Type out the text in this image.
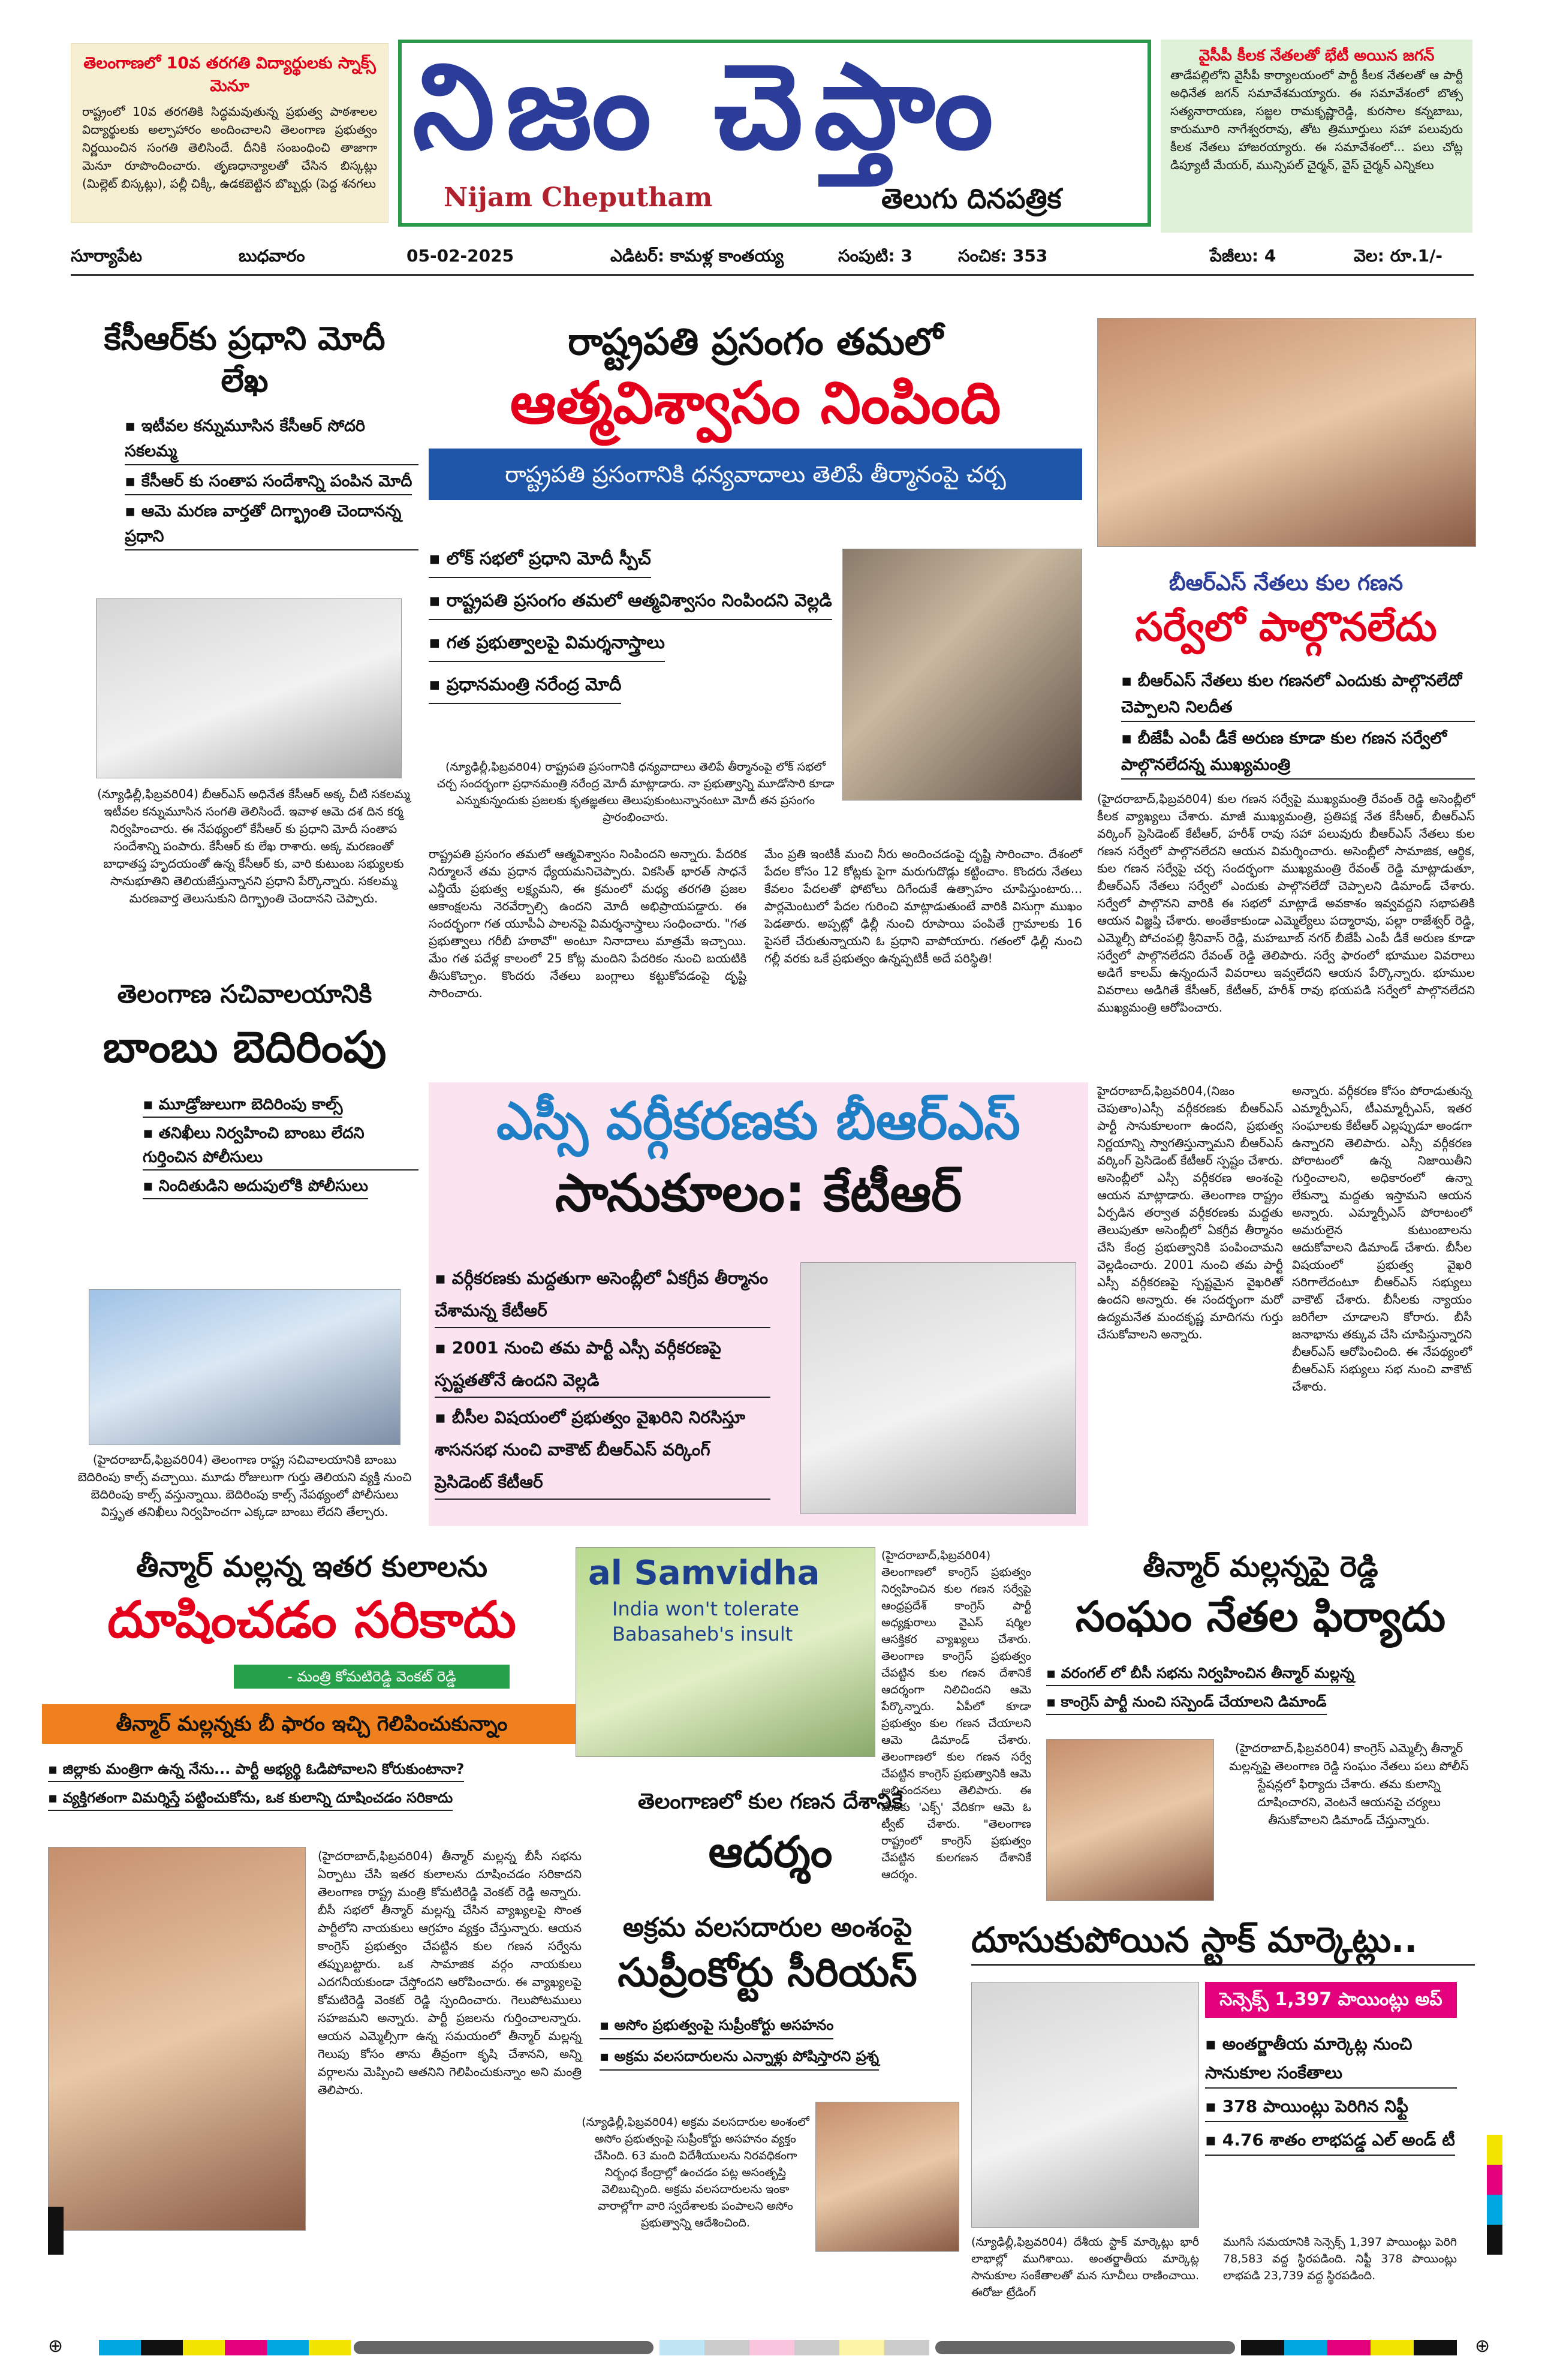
తెలంగాణలో 10వ తరగతి విద్యార్థులకు స్నాక్స్ మెనూ
రాష్ట్రంలో 10వ తరగతికి సిద్ధమవుతున్న ప్రభుత్వ పాఠశాలల విద్యార్థులకు అల్పాహారం అందించాలని తెలంగాణ ప్రభుత్వం నిర్ణయించిన సంగతి తెలిసిందే. దీనికి సంబంధించి తాజాగా మెనూ రూపొందించారు. తృణధాన్యాలతో చేసిన బిస్కట్లు (మిల్లెట్ బిస్కట్లు), పల్లీ చిక్కీ, ఉడకబెట్టిన బొబ్బర్లు (పెద్ద శనగలు
నిజం చెప్తాం
Nijam Cheputham	తెలుగు దినపత్రిక
వైసీపీ కీలక నేతలతో భేటీ అయిన జగన్
తాడేపల్లిలోని వైసీపీ కార్యాలయంలో పార్టీ కీలక నేతలతో ఆ పార్టీ అధినేత జగన్ సమావేశమయ్యారు. ఈ సమావేశంలో బొత్స సత్యనారాయణ, సజ్జల రామకృష్ణారెడ్డి, కురసాల కన్నబాబు, కారుమూరి నాగేశ్వరరావు, తోట త్రిమూర్తులు సహా పలువురు కీలక నేతలు హాజరయ్యారు. ఈ సమావేశంలో... పలు చోట్ల డిప్యూటీ మేయర్, మున్సిపల్ చైర్మన్, వైస్ చైర్మన్ ఎన్నికలు
సూర్యాపేట	బుధవారం	05-02-2025	ఎడిటర్: కామళ్ల కాంతయ్య	సంపుటి: 3	సంచిక: 353	పేజీలు: 4	వెల: రూ.1/-
కేసీఆర్‌కు ప్రధాని మోదీ లేఖ
▪ ఇటీవల కన్నుమూసిన కేసీఆర్ సోదరి సకలమ్మ ▪ కేసీఆర్ కు సంతాప సందేశాన్ని పంపిన మోదీ ▪ ఆమె మరణ వార్తతో దిగ్భ్రాంతి చెందానన్న ప్రధాని
(న్యూఢిల్లీ,ఫిబ్రవరి04) బీఆర్ఎస్ అధినేత కేసీఆర్ అక్క చీటి సకలమ్మ ఇటీవల కన్నుమూసిన సంగతి తెలిసిందే. ఇవాళ ఆమె దశ దిన కర్మ నిర్వహించారు. ఈ నేపథ్యంలో కేసీఆర్ కు ప్రధాని మోదీ సంతాప సందేశాన్ని పంపారు. కేసీఆర్ కు లేఖ రాశారు. అక్క మరణంతో బాధాతప్త హృదయంతో ఉన్న కేసీఆర్ కు, వారి కుటుంబ సభ్యులకు సానుభూతిని తెలియజేస్తున్నానని ప్రధాని పేర్కొన్నారు. సకలమ్మ మరణవార్త తెలుసుకుని దిగ్భ్రాంతి చెందానని చెప్పారు.
తెలంగాణ సచివాలయానికి
బాంబు బెదిరింపు
▪ మూడ్రోజులుగా బెదిరింపు కాల్స్ ▪ తనిఖీలు నిర్వహించి బాంబు లేదని గుర్తించిన పోలీసులు ▪ నిందితుడిని అదుపులోకి పోలీసులు
(హైదరాబాద్,ఫిబ్రవరి04) తెలంగాణ రాష్ట్ర సచివాలయానికి బాంబు బెదిరింపు కాల్స్ వచ్చాయి. మూడు రోజులుగా గుర్తు తెలియని వ్యక్తి నుంచి బెదిరింపు కాల్స్ వస్తున్నాయి. బెదిరింపు కాల్స్ నేపథ్యంలో పోలీసులు విస్తృత తనిఖీలు నిర్వహించగా ఎక్కడా బాంబు లేదని తేల్చారు.
రాష్ట్రపతి ప్రసంగం తమలో
ఆత్మవిశ్వాసం నింపింది
రాష్ట్రపతి ప్రసంగానికి ధన్యవాదాలు తెలిపే తీర్మానంపై చర్చ
▪ లోక్ సభలో ప్రధాని మోదీ స్పీచ్
▪ రాష్ట్రపతి ప్రసంగం తమలో ఆత్మవిశ్వాసం నింపిందని వెల్లడి
▪ గత ప్రభుత్వాలపై విమర్శనాస్త్రాలు
▪ ప్రధానమంత్రి నరేంద్ర మోదీ
(న్యూఢిల్లీ,ఫిబ్రవరి04) రాష్ట్రపతి ప్రసంగానికి ధన్యవాదాలు తెలిపే తీర్మానంపై లోక్ సభలో చర్చ సందర్భంగా ప్రధానమంత్రి నరేంద్ర మోదీ మాట్లాడారు. నా ప్రభుత్వాన్ని మూడోసారి కూడా ఎన్నుకున్నందుకు ప్రజలకు కృతజ్ఞతలు తెలుపుకుంటున్నానంటూ మోదీ తన ప్రసంగం ప్రారంభించారు.
రాష్ట్రపతి ప్రసంగం తమలో ఆత్మవిశ్వాసం నింపిందని అన్నారు. పేదరిక నిర్మూలనే తమ ప్రధాన ధ్యేయమనిచెప్పారు. వికసిత్ భారత్ సాధనే ఎన్డీయే ప్రభుత్వ లక్ష్యమని, ఈ క్రమంలో మధ్య తరగతి ప్రజల ఆకాంక్షలను నెరవేర్చాల్సి ఉందని మోదీ అభిప్రాయపడ్డారు. ఈ సందర్భంగా గత యూపీఏ పాలనపై విమర్శనాస్త్రాలు సంధించారు. "గత ప్రభుత్వాలు గరీబీ హఠావో" అంటూ నినాదాలు మాత్రమే ఇచ్చాయి. మేం గత పదేళ్ల కాలంలో 25 కోట్ల మందిని పేదరికం నుంచి బయటికి తీసుకొచ్చాం. కొందరు నేతలు బంగ్లాలు కట్టుకోవడంపై దృష్టి సారించారు.
మేం ప్రతి ఇంటికీ మంచి నీరు అందించడంపై దృష్టి సారించాం. దేశంలో పేదల కోసం 12 కోట్లకు పైగా మరుగుదొడ్లు కట్టించాం. కొందరు నేతలు కేవలం పేదలతో ఫోటోలు దిగేందుకే ఉత్సాహం చూపిస్తుంటారు... పార్లమెంటులో పేదల గురించి మాట్లాడుతుంటే వారికి విసుగ్గా ముఖం పెడతారు. అప్పట్లో ఢిల్లీ నుంచి రూపాయి పంపితే గ్రామాలకు 16 పైసలే చేరుతున్నాయని ఓ ప్రధాని వాపోయారు. గతంలో ఢిల్లీ నుంచి గల్లీ వరకు ఒకే ప్రభుత్వం ఉన్నప్పటికీ అదే పరిస్థితి!
బీఆర్ఎస్ నేతలు కుల గణన
సర్వేలో పాల్గొనలేదు
▪ బీఆర్ఎస్ నేతలు కుల గణనలో ఎందుకు పాల్గొనలేదో చెప్పాలని నిలదీత ▪ బీజేపీ ఎంపీ డీకే అరుణ కూడా కుల గణన సర్వేలో పాల్గొనలేదన్న ముఖ్యమంత్రి
(హైదరాబాద్,ఫిబ్రవరి04) కుల గణన సర్వేపై ముఖ్యమంత్రి రేవంత్ రెడ్డి అసెంబ్లీలో కీలక వ్యాఖ్యలు చేశారు. మాజీ ముఖ్యమంత్రి, ప్రతిపక్ష నేత కేసీఆర్, బీఆర్ఎస్ వర్కింగ్ ప్రెసిడెంట్ కేటీఆర్, హరీశ్ రావు సహా పలువురు బీఆర్ఎస్ నేతలు కుల గణన సర్వేలో పాల్గొనలేదని ఆయన విమర్శించారు. అసెంబ్లీలో సామాజిక, ఆర్థిక, కుల గణన సర్వేపై చర్చ సందర్భంగా ముఖ్యమంత్రి రేవంత్ రెడ్డి మాట్లాడుతూ, బీఆర్ఎస్ నేతలు సర్వేలో ఎందుకు పాల్గొనలేదో చెప్పాలని డిమాండ్ చేశారు. సర్వేలో పాల్గొనని వారికి ఈ సభలో మాట్లాడే అవకాశం ఇవ్వవద్దని సభాపతికి ఆయన విజ్ఞప్తి చేశారు. అంతేకాకుండా ఎమ్మెల్యేలు పద్మారావు, పల్లా రాజేశ్వర్ రెడ్డి, ఎమ్మెల్సీ పోచంపల్లి శ్రీనివాస్ రెడ్డి, మహబూబ్ నగర్ బీజేపీ ఎంపీ డీకే అరుణ కూడా సర్వేలో పాల్గొనలేదని రేవంత్ రెడ్డి తెలిపారు. సర్వే ఫారంలో భూముల వివరాలు అడిగే కాలమ్ ఉన్నందునే వివరాలు ఇవ్వలేదని ఆయన పేర్కొన్నారు. భూముల వివరాలు అడిగితే కేసీఆర్, కేటీఆర్, హరీశ్ రావు భయపడి సర్వేలో పాల్గొనలేదని ముఖ్యమంత్రి ఆరోపించారు.
ఎస్సీ వర్గీకరణకు బీఆర్ఎస్
సానుకూలం: కేటీఆర్
▪ వర్గీకరణకు మద్దతుగా అసెంబ్లీలో ఏకగ్రీవ తీర్మానం చేశామన్న కేటీఆర్ ▪ 2001 నుంచి తమ పార్టీ ఎస్సీ వర్గీకరణపై స్పష్టతతోనే ఉందని వెల్లడి ▪ బీసీల విషయంలో ప్రభుత్వం వైఖరిని నిరసిస్తూ శాసనసభ నుంచి వాకౌట్ బీఆర్ఎస్ వర్కింగ్ ప్రెసిడెంట్ కేటీఆర్
హైదరాబాద్,ఫిబ్రవరి04,(నిజం చెపుతాం)ఎస్సీ వర్గీకరణకు బీఆర్ఎస్ పార్టీ సానుకూలంగా ఉందని, ప్రభుత్వ నిర్ణయాన్ని స్వాగతిస్తున్నామని బీఆర్ఎస్ వర్కింగ్ ప్రెసిడెంట్ కేటీఆర్ స్పష్టం చేశారు. అసెంబ్లీలో ఎస్సీ వర్గీకరణ అంశంపై ఆయన మాట్లాడారు. తెలంగాణ రాష్ట్రం ఏర్పడిన తర్వాత వర్గీకరణకు మద్దతు తెలుపుతూ అసెంబ్లీలో ఏకగ్రీవ తీర్మానం చేసి కేంద్ర ప్రభుత్వానికి పంపించామని వెల్లడించారు. 2001 నుంచి తమ పార్టీ ఎస్సీ వర్గీకరణపై స్పష్టమైన వైఖరితో ఉందని అన్నారు. ఈ సందర్భంగా మరో ఉద్యమనేత మందకృష్ణ మాదిగను గుర్తు చేసుకోవాలని అన్నారు.
అన్నారు. వర్గీకరణ కోసం పోరాడుతున్న ఎమ్మార్పీఎస్, టీఎమ్మార్పీఎస్, ఇతర సంఘాలకు కేటీఆర్ ఎల్లప్పుడూ అండగా ఉన్నారని తెలిపారు. ఎస్సీ వర్గీకరణ పోరాటంలో ఉన్న నిజాయితీని గుర్తించాలని, అధికారంలో ఉన్నా లేకున్నా మద్దతు ఇస్తామని ఆయన అన్నారు. ఎమ్మార్పీఎస్ పోరాటంలో అమరులైన కుటుంబాలను ఆదుకోవాలని డిమాండ్ చేశారు. బీసీల విషయంలో ప్రభుత్వ వైఖరి సరిగాలేదంటూ బీఆర్ఎస్ సభ్యులు వాకౌట్ చేశారు. బీసీలకు న్యాయం జరిగేలా చూడాలని కోరారు. బీసీ జనాభాను తక్కువ చేసి చూపిస్తున్నారని బీఆర్ఎస్ ఆరోపించింది. ఈ నేపథ్యంలో బీఆర్ఎస్ సభ్యులు సభ నుంచి వాకౌట్ చేశారు.
తీన్మార్ మల్లన్న ఇతర కులాలను
దూషించడం సరికాదు
- మంత్రి కోమటిరెడ్డి వెంకట్ రెడ్డి
తీన్మార్ మల్లన్నకు బీ ఫారం ఇచ్చి గెలిపించుకున్నాం
▪ జిల్లాకు మంత్రిగా ఉన్న నేను... పార్టీ అభ్యర్థి ఓడిపోవాలని కోరుకుంటానా? ▪ వ్యక్తిగతంగా విమర్శిస్తే పట్టించుకోను, ఒక కులాన్ని దూషించడం సరికాదు
(హైదరాబాద్,ఫిబ్రవరి04) తీన్మార్ మల్లన్న బీసీ సభను ఏర్పాటు చేసి ఇతర కులాలను దూషించడం సరికాదని తెలంగాణ రాష్ట్ర మంత్రి కోమటిరెడ్డి వెంకట్ రెడ్డి అన్నారు. బీసీ సభలో తీన్మార్ మల్లన్న చేసిన వ్యాఖ్యలపై సొంత పార్టీలోని నాయకులు ఆగ్రహం వ్యక్తం చేస్తున్నారు. ఆయన కాంగ్రెస్ ప్రభుత్వం చేపట్టిన కుల గణన సర్వేను తప్పుబట్టారు. ఒక సామాజిక వర్గం నాయకులు ఎదగనీయకుండా చేస్తోందని ఆరోపించారు. ఈ వ్యాఖ్యలపై కోమటిరెడ్డి వెంకట్ రెడ్డి స్పందించారు. గెలుపోటములు సహజమని అన్నారు. పార్టీ ప్రజలను గుర్తించాలన్నారు. ఆయన ఎమ్మెల్సీగా ఉన్న సమయంలో తీన్మార్ మల్లన్న గెలుపు కోసం తాను తీవ్రంగా కృషి చేశానని, అన్ని వర్గాలను మెప్పించి ఆతనిని గెలిపించుకున్నాం అని మంత్రి తెలిపారు.
al Samvidha
India won't tolerate Babasaheb's insult
(హైదరాబాద్,ఫిబ్రవరి04) తెలంగాణలో కాంగ్రెస్ ప్రభుత్వం నిర్వహించిన కుల గణన సర్వేపై ఆంధ్రప్రదేశ్ కాంగ్రెస్ పార్టీ అధ్యక్షురాలు వైఎస్ షర్మిల ఆసక్తికర వ్యాఖ్యలు చేశారు. తెలంగాణ కాంగ్రెస్ ప్రభుత్వం చేపట్టిన కుల గణన దేశానికే ఆదర్శంగా నిలిచిందని ఆమె పేర్కొన్నారు. ఏపీలో కూడా ప్రభుత్వం కుల గణన చేయాలని ఆమె డిమాండ్ చేశారు. తెలంగాణలో కుల గణన సర్వే చేపట్టిన కాంగ్రెస్ ప్రభుత్వానికి ఆమె అభినందనలు తెలిపారు. ఈ మేరకు 'ఎక్స్' వేదికగా ఆమె ఓ ట్వీట్ చేశారు. "తెలంగాణ రాష్ట్రంలో కాంగ్రెస్ ప్రభుత్వం చేపట్టిన కులగణన దేశానికే ఆదర్శం.
తెలంగాణలో కుల గణన దేశానికే
ఆదర్శం
తీన్మార్ మల్లన్నపై రెడ్డి
సంఘం నేతల ఫిర్యాదు
▪ వరంగల్ లో బీసీ సభను నిర్వహించిన తీన్మార్ మల్లన్న ▪ కాంగ్రెస్ పార్టీ నుంచి సస్పెండ్ చేయాలని డిమాండ్
(హైదరాబాద్,ఫిబ్రవరి04) కాంగ్రెస్ ఎమ్మెల్సీ తీన్మార్ మల్లన్నపై తెలంగాణ రెడ్డి సంఘం నేతలు పలు పోలీస్ స్టేషన్లలో ఫిర్యాదు చేశారు. తమ కులాన్ని దూషించారని, వెంటనే ఆయనపై చర్యలు తీసుకోవాలని డిమాండ్ చేస్తున్నారు.
అక్రమ వలసదారుల అంశంపై
సుప్రీంకోర్టు సీరియస్
▪ అసోం ప్రభుత్వంపై సుప్రీంకోర్టు అసహనం ▪ అక్రమ వలసదారులను ఎన్నాళ్లు పోషిస్తారని ప్రశ్న
(న్యూఢిల్లీ,ఫిబ్రవరి04) అక్రమ వలసదారుల అంశంలో అసోం ప్రభుత్వంపై సుప్రీంకోర్టు అసహనం వ్యక్తం చేసింది. 63 మంది విదేశీయులను నిరవధికంగా నిర్బంధ కేంద్రాల్లో ఉంచడం పట్ల అసంతృప్తి వెలిబుచ్చింది. అక్రమ వలసదారులను ఇంకా వారాల్లోగా వారి స్వదేశాలకు పంపాలని అసోం ప్రభుత్వాన్ని ఆదేశించింది.
దూసుకుపోయిన స్టాక్ మార్కెట్లు..
సెన్సెక్స్ 1,397 పాయింట్లు అప్
▪ అంతర్జాతీయ మార్కెట్ల నుంచి సానుకూల సంకేతాలు ▪ 378 పాయింట్లు పెరిగిన నిఫ్టీ ▪ 4.76 శాతం లాభపడ్డ ఎల్ అండ్ టీ
(న్యూఢిల్లీ,ఫిబ్రవరి04) దేశీయ స్టాక్ మార్కెట్లు భారీ లాభాల్లో ముగిశాయి. అంతర్జాతీయ మార్కెట్ల సానుకూల సంకేతాలతో మన సూచీలు రాణించాయి. ఈరోజు ట్రేడింగ్
ముగిసే సమయానికి సెన్సెక్స్ 1,397 పాయింట్లు పెరిగి 78,583 వద్ద స్థిరపడింది. నిఫ్టీ 378 పాయింట్లు లాభపడి 23,739 వద్ద స్థిరపడింది.
⊕	⊕
